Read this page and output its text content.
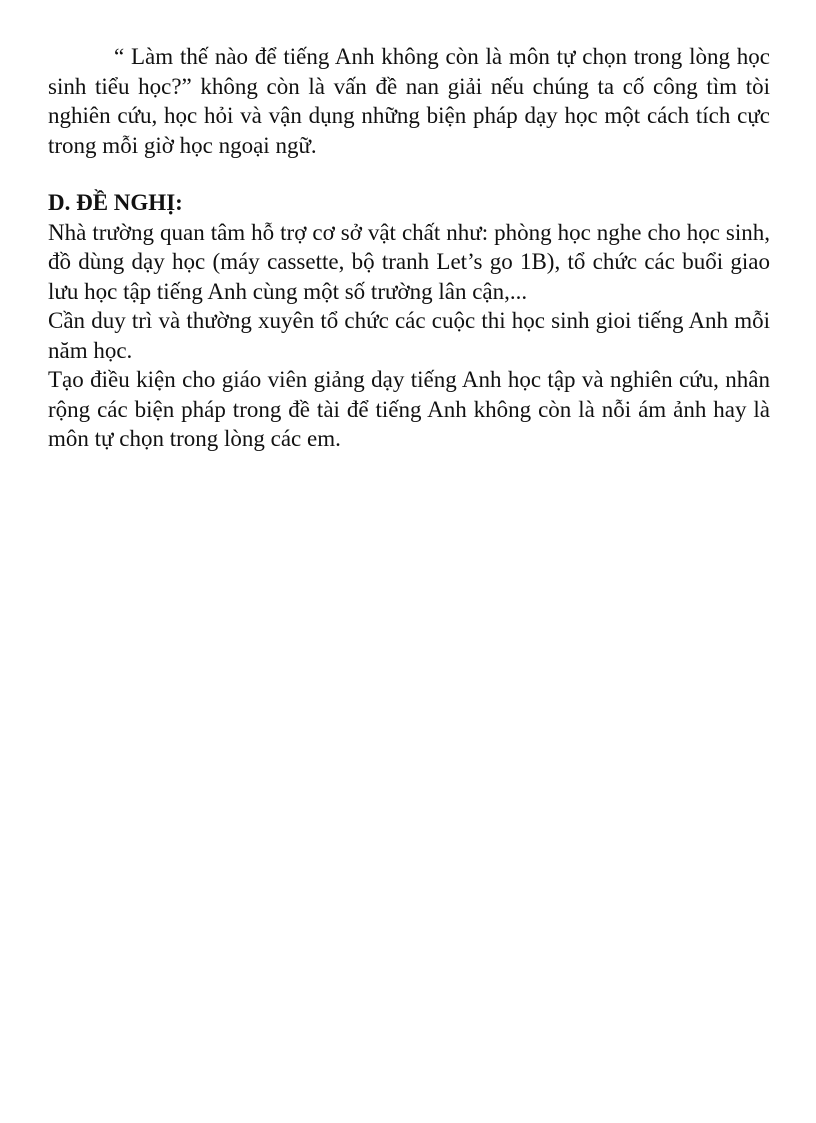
“ Làm thế nào để tiếng Anh không còn là môn tự chọn trong lòng học sinh tiểu học?” không còn là vấn đề nan giải nếu chúng ta cố công tìm tòi nghiên cứu, học hỏi và vận dụng những biện pháp dạy học một cách tích cực trong mỗi giờ học ngoại ngữ.

D. ĐỀ NGHỊ:

Nhà trường quan tâm hỗ trợ cơ sở vật chất như: phòng học nghe cho học sinh, đồ dùng dạy học (máy cassette, bộ tranh Let’s go 1B), tổ chức các buổi giao lưu học tập tiếng Anh cùng một số trường lân cận,...

Cần duy trì và thường xuyên tổ chức các cuộc thi học sinh gioi tiếng Anh mỗi năm học.

Tạo điều kiện cho giáo viên giảng dạy tiếng Anh học tập và nghiên cứu, nhân rộng các biện pháp trong đề tài để tiếng Anh không còn là nỗi ám ảnh hay là môn tự chọn trong lòng các em.
